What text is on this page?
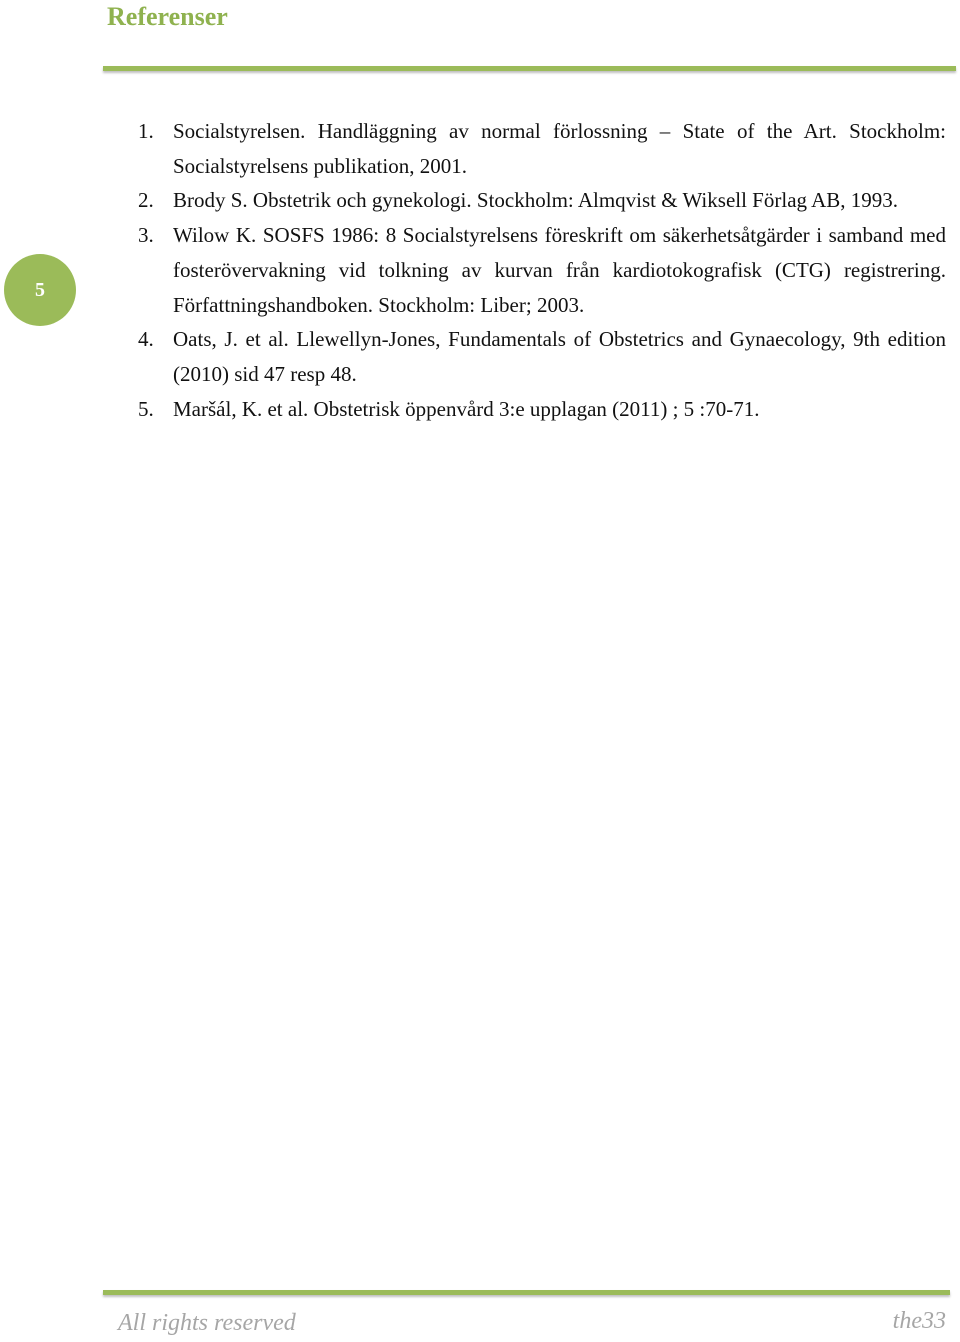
Referenser
5
1. Socialstyrelsen. Handläggning av normal förlossning – State of the Art. Stockholm: Socialstyrelsens publikation, 2001.
2. Brody S. Obstetrik och gynekologi. Stockholm: Almqvist & Wiksell Förlag AB, 1993.
3. Wilow K. SOSFS 1986: 8 Socialstyrelsens föreskrift om säkerhetsåtgärder i samband med fosterövervakning vid tolkning av kurvan från kardiotokografisk (CTG) registrering. Författningshandboken. Stockholm: Liber; 2003.
4. Oats, J. et al. Llewellyn-Jones, Fundamentals of Obstetrics and Gynaecology, 9th edition (2010) sid 47 resp 48.
5. Maršál, K. et al. Obstetrisk öppenvård 3:e upplagan (2011) ; 5 :70-71.
All rights reserved	the33
